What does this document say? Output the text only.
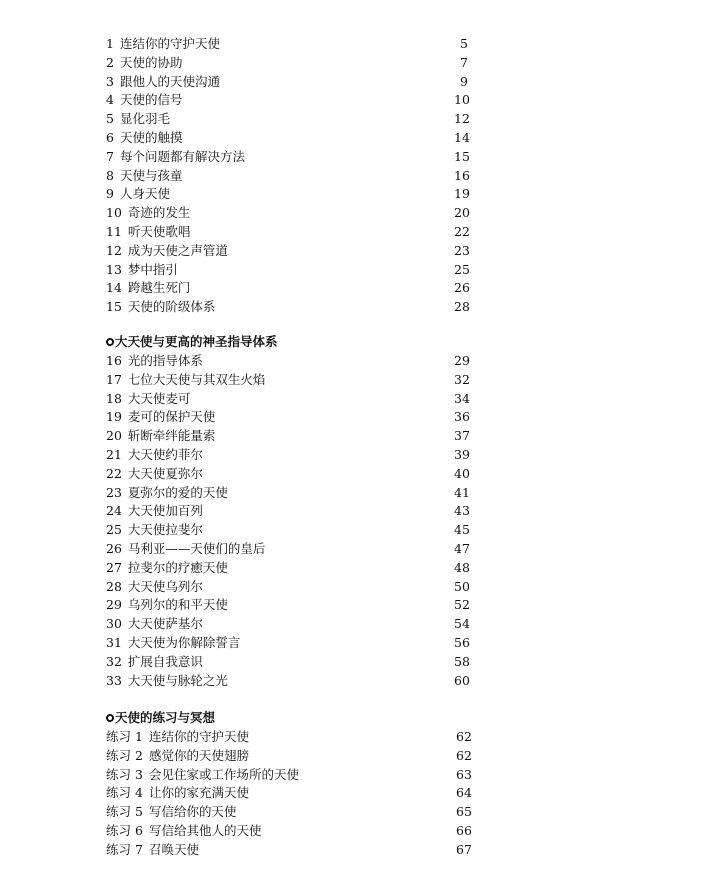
1 连结你的守护天使	5
2 天使的协助	7
3 跟他人的天使沟通	9
4 天使的信号	10
5 显化羽毛	12
6 天使的触摸	14
7 每个问题都有解决方法	15
8 天使与孩童	16
9 人身天使	19
10 奇迹的发生	20
11 听天使歌唱	22
12 成为天使之声管道	23
13 梦中指引	25
14 跨越生死门	26
15 天使的阶级体系	28
大天使与更高的神圣指导体系
16 光的指导体系	29
17 七位大天使与其双生火焰	32
18 大天使麦可	34
19 麦可的保护天使	36
20 斩断牵绊能量索	37
21 大天使约菲尔	39
22 大天使夏弥尔	40
23 夏弥尔的爱的天使	41
24 大天使加百列	43
25 大天使拉斐尔	45
26 马利亚——天使们的皇后	47
27 拉斐尔的疗癒天使	48
28 大天使乌列尔	50
29 乌列尔的和平天使	52
30 大天使萨基尔	54
31 大天使为你解除誓言	56
32 扩展自我意识	58
33 大天使与脉轮之光	60
天使的练习与冥想
练习 1 连结你的守护天使	62
练习 2 感觉你的天使翅膀	62
练习 3 会见住家或工作场所的天使	63
练习 4 让你的家充满天使	64
练习 5 写信给你的天使	65
练习 6 写信给其他人的天使	66
练习 7 召唤天使	67
